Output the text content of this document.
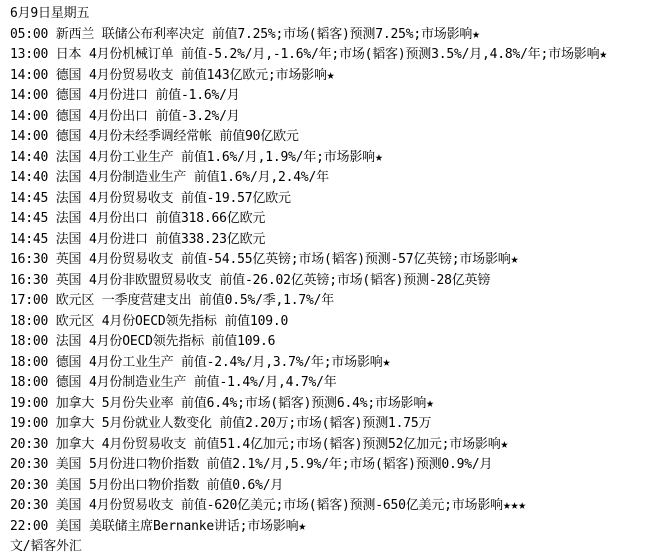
6月9日星期五
05:00 新西兰 联储公布利率决定 前值7.25%;市场(韬客)预测7.25%;市场影响★
13:00 日本 4月份机械订单 前值-5.2%/月,-1.6%/年;市场(韬客)预测3.5%/月,4.8%/年;市场影响★
14:00 德国 4月份贸易收支 前值143亿欧元;市场影响★
14:00 德国 4月份进口 前值-1.6%/月
14:00 德国 4月份出口 前值-3.2%/月
14:00 德国 4月份未经季调经常帐 前值90亿欧元
14:40 法国 4月份工业生产 前值1.6%/月,1.9%/年;市场影响★
14:40 法国 4月份制造业生产 前值1.6%/月,2.4%/年
14:45 法国 4月份贸易收支 前值-19.57亿欧元
14:45 法国 4月份出口 前值318.66亿欧元
14:45 法国 4月份进口 前值338.23亿欧元
16:30 英国 4月份贸易收支 前值-54.55亿英镑;市场(韬客)预测-57亿英镑;市场影响★
16:30 英国 4月份非欧盟贸易收支 前值-26.02亿英镑;市场(韬客)预测-28亿英镑
17:00 欧元区 一季度营建支出 前值0.5%/季,1.7%/年
18:00 欧元区 4月份OECD领先指标 前值109.0
18:00 法国 4月份OECD领先指标 前值109.6
18:00 德国 4月份工业生产 前值-2.4%/月,3.7%/年;市场影响★
18:00 德国 4月份制造业生产 前值-1.4%/月,4.7%/年
19:00 加拿大 5月份失业率 前值6.4%;市场(韬客)预测6.4%;市场影响★
19:00 加拿大 5月份就业人数变化 前值2.20万;市场(韬客)预测1.75万
20:30 加拿大 4月份贸易收支 前值51.4亿加元;市场(韬客)预测52亿加元;市场影响★
20:30 美国 5月份进口物价指数 前值2.1%/月,5.9%/年;市场(韬客)预测0.9%/月
20:30 美国 5月份出口物价指数 前值0.6%/月
20:30 美国 4月份贸易收支 前值-620亿美元;市场(韬客)预测-650亿美元;市场影响★★★
22:00 美国 美联储主席Bernanke讲话;市场影响★
文/韬客外汇
